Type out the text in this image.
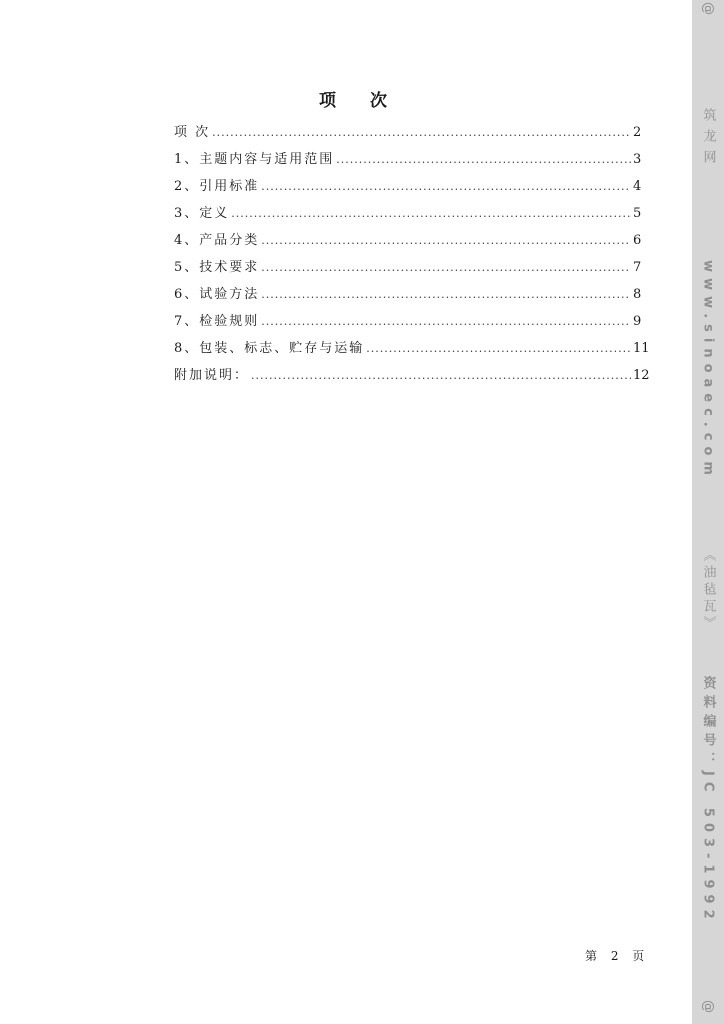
项 次
项 次 .....	2
1、主题内容与适用范围 .....	3
2、引用标准 .....	4
3、定义 .....	5
4、产品分类 .....	6
5、技术要求 .....	7
6、试验方法 .....	8
7、检验规则 .....	9
8、包装、标志、贮存与运输 .....	11
附加说明： .....	12
第 2 页
@
筑龙网
www.sinoaec.com
《油毡瓦》
资料编号：JC 503-1992
@
